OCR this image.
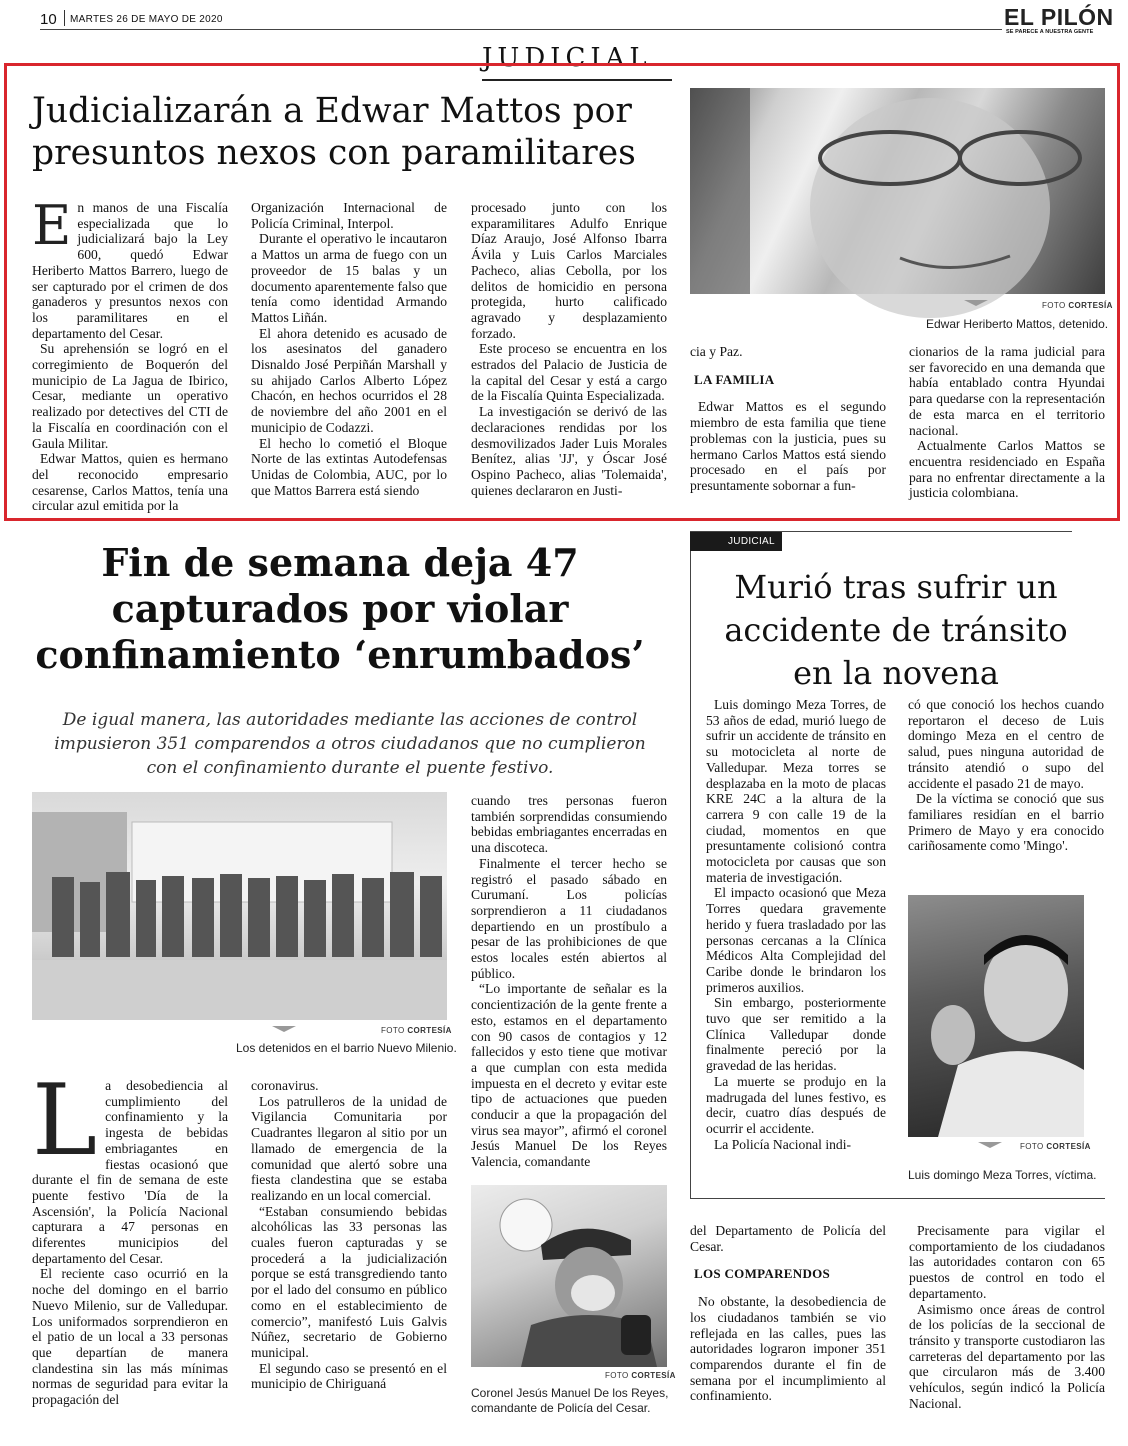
10 MARTES 26 DE MAYO DE 2020	EL PILÓN
SE PARECE A NUESTRA GENTE
JUDICIAL
Judicializarán a Edwar Mattos por
presuntos nexos con paramilitares
E n manos de una Fiscalía especializada que lo judicializará bajo la Ley 600, quedó Edwar Heriberto Mattos Barrero, luego de ser capturado por el crimen de dos ganaderos y presuntos nexos con los paramilitares en el departamento del Cesar.

Su aprehensión se logró en el corregimiento de Boquerón del municipio de La Jagua de Ibirico, Cesar, mediante un operativo realizado por detectives del CTI de la Fiscalía en coordinación con el Gaula Militar.

Edwar Mattos, quien es hermano del reconocido empresario cesarense, Carlos Mattos, tenía una circular azul emitida por la

Organización Internacional de Policía Criminal, Interpol.

Durante el operativo le incautaron a Mattos un arma de fuego con un proveedor de 15 balas y un documento aparentemente falso que tenía como identidad Armando Mattos Liñán.

El ahora detenido es acusado de los asesinatos del ganadero Disnaldo José Perpiñán Marshall y su ahijado Carlos Alberto López Chacón, en hechos ocurridos el 28 de noviembre del año 2001 en el municipio de Codazzi.

El hecho lo cometió el Bloque Norte de las extintas Autodefensas Unidas de Colombia, AUC, por lo que Mattos Barrera está siendo

procesado junto con los exparamilitares Adulfo Enrique Díaz Araujo, José Alfonso Ibarra Ávila y Luis Carlos Marciales Pacheco, alias Cebolla, por los delitos de homicidio en persona protegida, hurto calificado agravado y desplazamiento forzado.

Este proceso se encuentra en los estrados del Palacio de Justicia de la capital del Cesar y está a cargo de la Fiscalía Quinta Especializada.

La investigación se derivó de las declaraciones rendidas por los desmovilizados Jader Luis Morales Benítez, alias 'JJ', y Óscar José Ospino Pacheco, alias 'Tolemaida', quienes declararon en Justi-

FOTO CORTESÍA
Edwar Heriberto Mattos, detenido.

cia y Paz.

LA FAMILIA

Edwar Mattos es el segundo miembro de esta familia que tiene problemas con la justicia, pues su hermano Carlos Mattos está siendo procesado en el país por presuntamente sobornar a fun-

cionarios de la rama judicial para ser favorecido en una demanda que había entablado contra Hyundai para quedarse con la representación de esta marca en el territorio nacional.

Actualmente Carlos Mattos se encuentra residenciado en España para no enfrentar directamente a la justicia colombiana.

Fin de semana deja 47
capturados por violar
confinamiento ‘enrumbados’
De igual manera, las autoridades mediante las acciones de control
impusieron 351 comparendos a otros ciudadanos que no cumplieron
con el confinamiento durante el puente festivo.
FOTO CORTESÍA
Los detenidos en el barrio Nuevo Milenio.
L a desobediencia al cumplimiento del confinamiento y la ingesta de bebidas embriagantes en fiestas ocasionó que durante el fin de semana de este puente festivo 'Día de la Ascensión', la Policía Nacional capturara a 47 personas en diferentes municipios del departamento del Cesar.

El reciente caso ocurrió en la noche del domingo en el barrio Nuevo Milenio, sur de Valledupar. Los uniformados sorprendieron en el patio de un local a 33 personas que departían de manera clandestina sin las más mínimas normas de seguridad para evitar la propagación del

coronavirus.

Los patrulleros de la unidad de Vigilancia Comunitaria por Cuadrantes llegaron al sitio por un llamado de emergencia de la comunidad que alertó sobre una fiesta clandestina que se estaba realizando en un local comercial.

“Estaban consumiendo bebidas alcohólicas las 33 personas las cuales fueron capturadas y se procederá a la judicialización porque se está transgrediendo tanto por el lado del consumo en público como en el establecimiento de comercio”, manifestó Luis Galvis Núñez, secretario de Gobierno municipal.

El segundo caso se presentó en el municipio de Chiriguaná

cuando tres personas fueron también sorprendidas consumiendo bebidas embriagantes encerradas en una discoteca.

Finalmente el tercer hecho se registró el pasado sábado en Curumaní. Los policías sorprendieron a 11 ciudadanos departiendo en un prostíbulo a pesar de las prohibiciones de que estos locales estén abiertos al público.

“Lo importante de señalar es la concientización de la gente frente a esto, estamos en el departamento con 90 casos de contagios y 12 fallecidos y esto tiene que motivar a que cumplan con esta medida impuesta en el decreto y evitar este tipo de actuaciones que pueden conducir a que la propagación del virus sea mayor”, afirmó el coronel Jesús Manuel De los Reyes Valencia, comandante

FOTO CORTESÍA
Coronel Jesús Manuel De los Reyes,
comandante de Policía del Cesar.

del Departamento de Policía del Cesar.

LOS COMPARENDOS

No obstante, la desobediencia de los ciudadanos también se vio reflejada en las calles, pues las autoridades lograron imponer 351 comparendos durante el fin de semana por el incumplimiento al confinamiento.

Precisamente para vigilar el comportamiento de los ciudadanos las autoridades contaron con 65 puestos de control en todo el departamento.

Asimismo once áreas de control de los policías de la seccional de tránsito y transporte custodiaron las carreteras del departamento por las que circularon más de 3.400 vehículos, según indicó la Policía Nacional.

JUDICIAL
Murió tras sufrir un
accidente de tránsito
en la novena

Luis domingo Meza Torres, de 53 años de edad, murió luego de sufrir un accidente de tránsito en su motocicleta al norte de Valledupar. Meza torres se desplazaba en la moto de placas KRE 24C a la altura de la carrera 9 con calle 19 de la ciudad, momentos en que presuntamente colisionó contra motocicleta por causas que son materia de investigación.

El impacto ocasionó que Meza Torres quedara gravemente herido y fuera trasladado por las personas cercanas a la Clínica Médicos Alta Complejidad del Caribe donde le brindaron los primeros auxilios.

Sin embargo, posteriormente tuvo que ser remitido a la Clínica Valledupar donde finalmente pereció por la gravedad de las heridas.

La muerte se produjo en la madrugada del lunes festivo, es decir, cuatro días después de ocurrir el accidente.

La Policía Nacional indi-

có que conoció los hechos cuando reportaron el deceso de Luis domingo Meza en el centro de salud, pues ninguna autoridad de tránsito atendió o supo del accidente el pasado 21 de mayo.

De la víctima se conoció que sus familiares residían en el barrio Primero de Mayo y era conocido cariñosamente como 'Mingo'.

FOTO CORTESÍA
Luis domingo Meza Torres, víctima.
